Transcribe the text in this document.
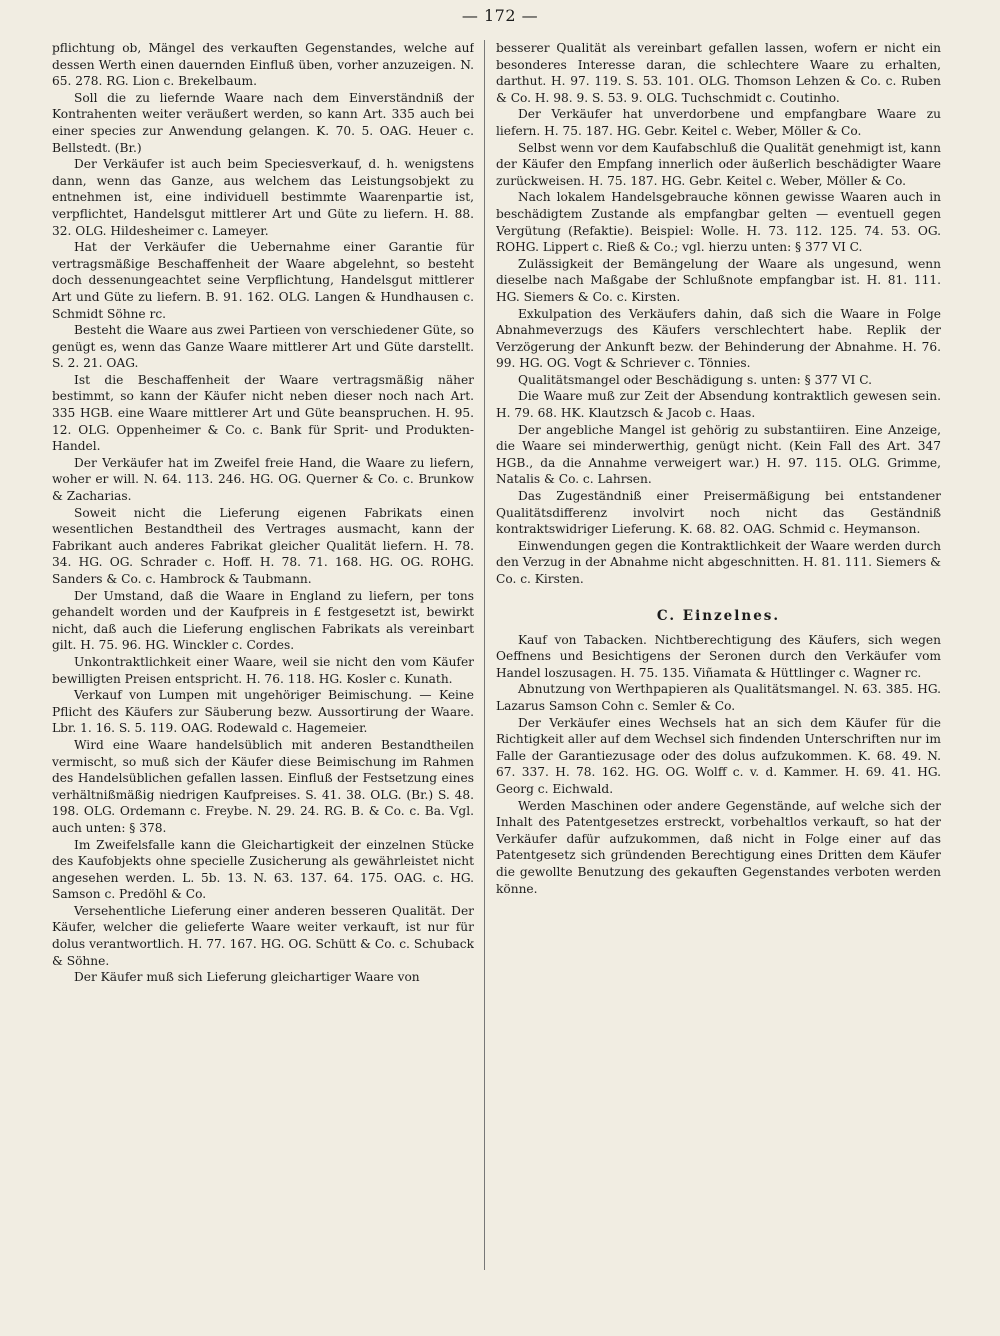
— 172 —

pflichtung ob, Mängel des verkauften Gegenstandes, welche auf dessen Werth einen dauernden Einfluß üben, vorher anzuzeigen. N. 65. 278. RG. Lion c. Brekelbaum.

Soll die zu liefernde Waare nach dem Einverständniß der Kontrahenten weiter veräußert werden, so kann Art. 335 auch bei einer species zur Anwendung gelangen. K. 70. 5. OAG. Heuer c. Bellstedt. (Br.)

Der Verkäufer ist auch beim Speciesverkauf, d. h. wenigstens dann, wenn das Ganze, aus welchem das Leistungsobjekt zu entnehmen ist, eine individuell bestimmte Waarenpartie ist, verpflichtet, Handelsgut mittlerer Art und Güte zu liefern. H. 88. 32. OLG. Hildesheimer c. Lameyer.

Hat der Verkäufer die Uebernahme einer Garantie für vertragsmäßige Beschaffenheit der Waare abgelehnt, so besteht doch dessenungeachtet seine Verpflichtung, Handelsgut mittlerer Art und Güte zu liefern. B. 91. 162. OLG. Langen & Hundhausen c. Schmidt Söhne rc.

Besteht die Waare aus zwei Partieen von verschiedener Güte, so genügt es, wenn das Ganze Waare mittlerer Art und Güte darstellt. S. 2. 21. OAG.

Ist die Beschaffenheit der Waare vertragsmäßig näher bestimmt, so kann der Käufer nicht neben dieser noch nach Art. 335 HGB. eine Waare mittlerer Art und Güte beanspruchen. H. 95. 12. OLG. Oppenheimer & Co. c. Bank für Sprit- und Produkten-Handel.

Der Verkäufer hat im Zweifel freie Hand, die Waare zu liefern, woher er will. N. 64. 113. 246. HG. OG. Querner & Co. c. Brunkow & Zacharias.

Soweit nicht die Lieferung eigenen Fabrikats einen wesentlichen Bestandtheil des Vertrages ausmacht, kann der Fabrikant auch anderes Fabrikat gleicher Qualität liefern. H. 78. 34. HG. OG. Schrader c. Hoff. H. 78. 71. 168. HG. OG. ROHG. Sanders & Co. c. Hambrock & Taubmann.

Der Umstand, daß die Waare in England zu liefern, per tons gehandelt worden und der Kaufpreis in £ festgesetzt ist, bewirkt nicht, daß auch die Lieferung englischen Fabrikats als vereinbart gilt. H. 75. 96. HG. Winckler c. Cordes.

Unkontraktlichkeit einer Waare, weil sie nicht den vom Käufer bewilligten Preisen entspricht. H. 76. 118. HG. Kosler c. Kunath.

Verkauf von Lumpen mit ungehöriger Beimischung. — Keine Pflicht des Käufers zur Säuberung bezw. Aussortirung der Waare. Lbr. 1. 16. S. 5. 119. OAG. Rodewald c. Hagemeier.

Wird eine Waare handelsüblich mit anderen Bestandtheilen vermischt, so muß sich der Käufer diese Beimischung im Rahmen des Handelsüblichen gefallen lassen. Einfluß der Festsetzung eines verhältnißmäßig niedrigen Kaufpreises. S. 41. 38. OLG. (Br.) S. 48. 198. OLG. Ordemann c. Freybe. N. 29. 24. RG. B. & Co. c. Ba. Vgl. auch unten: § 378.

Im Zweifelsfalle kann die Gleichartigkeit der einzelnen Stücke des Kaufobjekts ohne specielle Zusicherung als gewährleistet nicht angesehen werden. L. 5b. 13. N. 63. 137. 64. 175. OAG. c. HG. Samson c. Predöhl & Co.

Versehentliche Lieferung einer anderen besseren Qualität. Der Käufer, welcher die gelieferte Waare weiter verkauft, ist nur für dolus verantwortlich. H. 77. 167. HG. OG. Schütt & Co. c. Schuback & Söhne.

Der Käufer muß sich Lieferung gleichartiger Waare von

besserer Qualität als vereinbart gefallen lassen, wofern er nicht ein besonderes Interesse daran, die schlechtere Waare zu erhalten, darthut. H. 97. 119. S. 53. 101. OLG. Thomson Lehzen & Co. c. Ruben & Co. H. 98. 9. S. 53. 9. OLG. Tuchschmidt c. Coutinho.

Der Verkäufer hat unverdorbene und empfangbare Waare zu liefern. H. 75. 187. HG. Gebr. Keitel c. Weber, Möller & Co.

Selbst wenn vor dem Kaufabschluß die Qualität genehmigt ist, kann der Käufer den Empfang innerlich oder äußerlich beschädigter Waare zurückweisen. H. 75. 187. HG. Gebr. Keitel c. Weber, Möller & Co.

Nach lokalem Handelsgebrauche können gewisse Waaren auch in beschädigtem Zustande als empfangbar gelten — eventuell gegen Vergütung (Refaktie). Beispiel: Wolle. H. 73. 112. 125. 74. 53. OG. ROHG. Lippert c. Rieß & Co.; vgl. hierzu unten: § 377 VI C.

Zulässigkeit der Bemängelung der Waare als ungesund, wenn dieselbe nach Maßgabe der Schlußnote empfangbar ist. H. 81. 111. HG. Siemers & Co. c. Kirsten.

Exkulpation des Verkäufers dahin, daß sich die Waare in Folge Abnahmeverzugs des Käufers verschlechtert habe. Replik der Verzögerung der Ankunft bezw. der Behinderung der Abnahme. H. 76. 99. HG. OG. Vogt & Schriever c. Tönnies.

Qualitätsmangel oder Beschädigung s. unten: § 377 VI C.

Die Waare muß zur Zeit der Absendung kontraktlich gewesen sein. H. 79. 68. HK. Klautzsch & Jacob c. Haas.

Der angebliche Mangel ist gehörig zu substantiiren. Eine Anzeige, die Waare sei minderwerthig, genügt nicht. (Kein Fall des Art. 347 HGB., da die Annahme verweigert war.) H. 97. 115. OLG. Grimme, Natalis & Co. c. Lahrsen.

Das Zugeständniß einer Preisermäßigung bei entstandener Qualitätsdifferenz involvirt noch nicht das Geständniß kontraktswidriger Lieferung. K. 68. 82. OAG. Schmid c. Heymanson.

Einwendungen gegen die Kontraktlichkeit der Waare werden durch den Verzug in der Abnahme nicht abgeschnitten. H. 81. 111. Siemers & Co. c. Kirsten.

C. Einzelnes.

Kauf von Tabacken. Nichtberechtigung des Käufers, sich wegen Oeffnens und Besichtigens der Seronen durch den Verkäufer vom Handel loszusagen. H. 75. 135. Viñamata & Hüttlinger c. Wagner rc.

Abnutzung von Werthpapieren als Qualitätsmangel. N. 63. 385. HG. Lazarus Samson Cohn c. Semler & Co.

Der Verkäufer eines Wechsels hat an sich dem Käufer für die Richtigkeit aller auf dem Wechsel sich findenden Unterschriften nur im Falle der Garantiezusage oder des dolus aufzukommen. K. 68. 49. N. 67. 337. H. 78. 162. HG. OG. Wolff c. v. d. Kammer. H. 69. 41. HG. Georg c. Eichwald.

Werden Maschinen oder andere Gegenstände, auf welche sich der Inhalt des Patentgesetzes erstreckt, vorbehaltlos verkauft, so hat der Verkäufer dafür aufzukommen, daß nicht in Folge einer auf das Patentgesetz sich gründenden Berechtigung eines Dritten dem Käufer die gewollte Benutzung des gekauften Gegenstandes verboten werden könne.
